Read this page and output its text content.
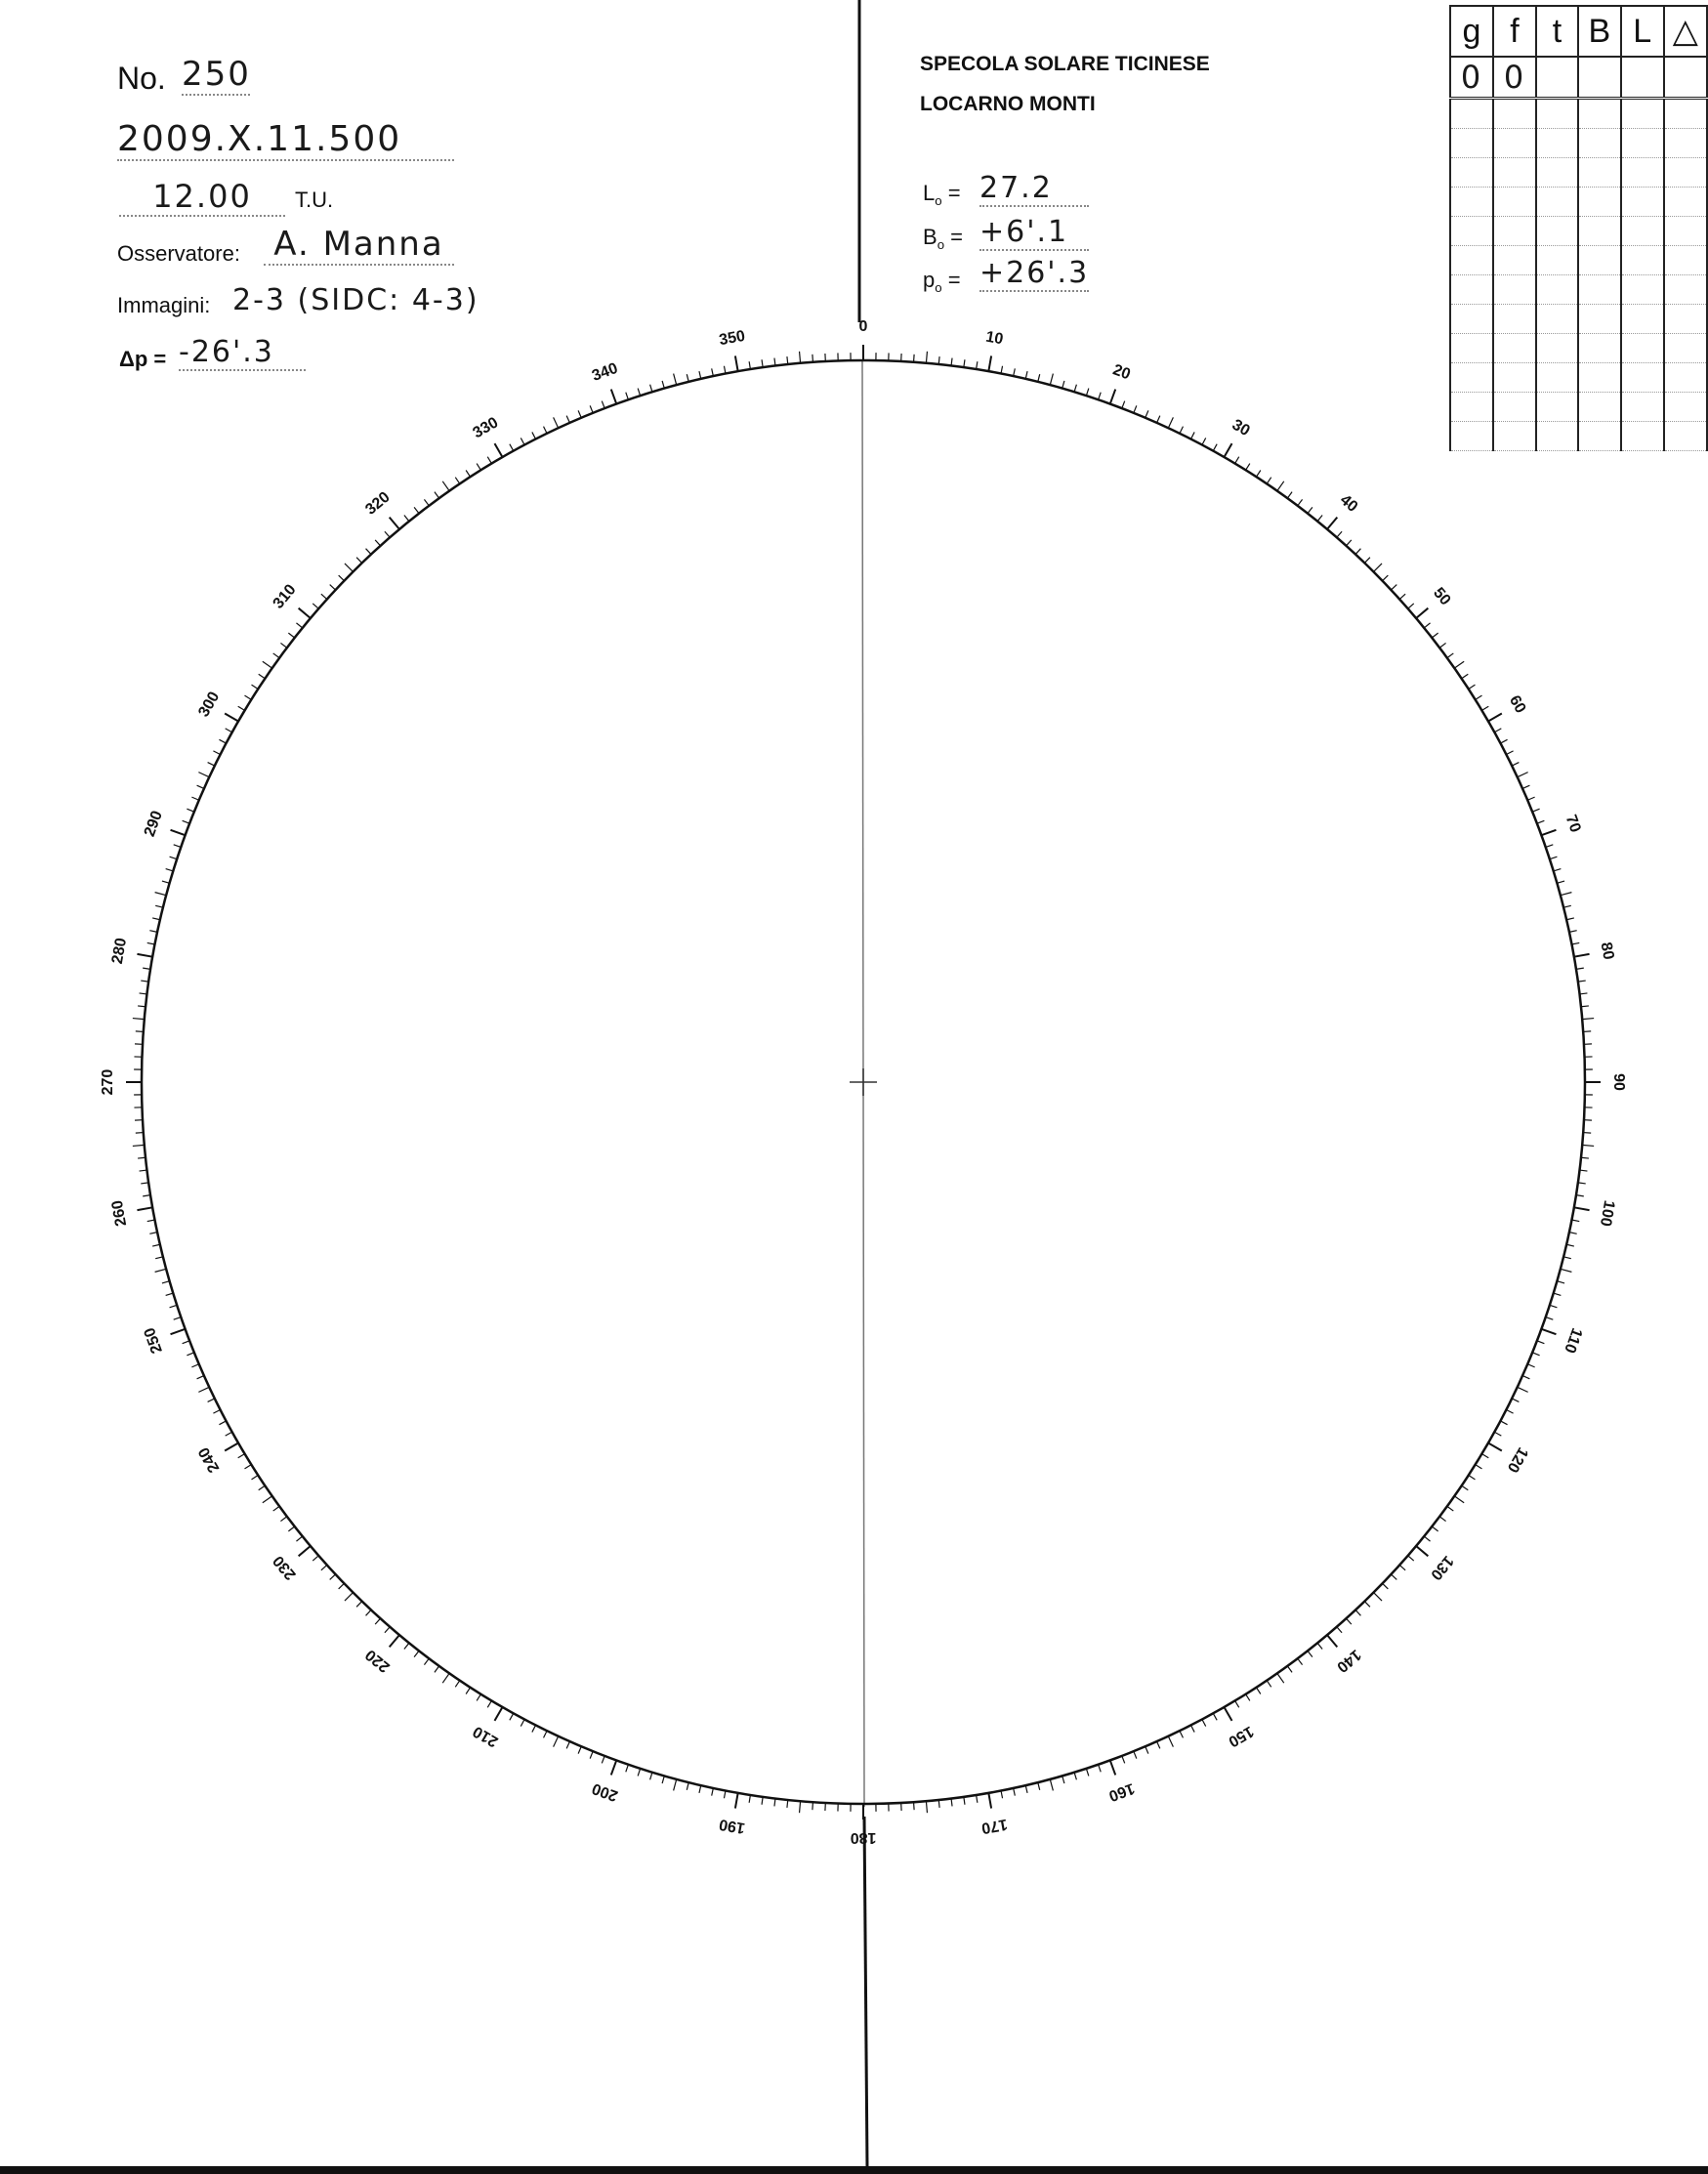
No. 250
2009.X.11.500
12.00	T.U.
Osservatore:	A. Manna
Immagini: 2-3 (SIDC: 4-3)
Δp = -26'.3
SPECOLA SOLARE TICINESE
LOCARNO MONTI
$L_o = 27.2$
$B_o = +6'.1$
$p_o = +26'.3$
g	f	t	B	L	△
0	0				

0
10
20
30
40
50
60
70
80
90
100
110
120
130
140
150
160
170
180
190
200
210
220
230
240
250
260
270
280
290
300
310
320
330
340
350
